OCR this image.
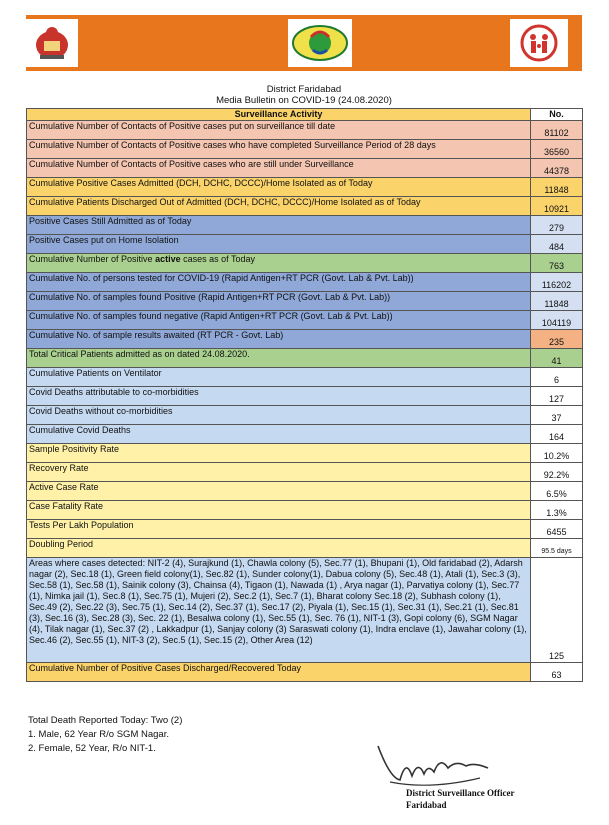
District Faridabad
Media Bulletin on COVID-19 (24.08.2020)
Surveillance Activity	No.
Cumulative Number of Contacts of Positive cases put on surveillance till date	81102
Cumulative Number of Contacts of Positive cases who have completed Surveillance Period of 28 days	36560
Cumulative Number of Contacts of Positive cases who are still under Surveillance	44378
Cumulative Positive Cases Admitted (DCH, DCHC, DCCC)/Home Isolated as of Today	11848
Cumulative Patients Discharged Out of Admitted (DCH, DCHC, DCCC)/Home Isolated as of Today	10921
Positive Cases Still Admitted as of Today	279
Positive Cases put on Home Isolation	484
Cumulative Number of Positive active cases as of Today	763
Cumulative No. of persons tested for COVID-19 (Rapid Antigen+RT PCR (Govt. Lab & Pvt. Lab))	116202
Cumulative No. of samples found Positive (Rapid Antigen+RT PCR (Govt. Lab & Pvt. Lab))	11848
Cumulative No. of samples found negative (Rapid Antigen+RT PCR (Govt. Lab & Pvt. Lab))	104119
Cumulative No. of sample results awaited (RT PCR - Govt. Lab)	235
Total Critical Patients admitted as on dated 24.08.2020.	41
Cumulative Patients on Ventilator	6
Covid Deaths attributable to co-morbidities	127
Covid Deaths without co-morbidities	37
Cumulative Covid Deaths	164
Sample Positivity Rate	10.2%
Recovery Rate	92.2%
Active Case Rate	6.5%
Case Fatality Rate	1.3%
Tests Per Lakh Population	6455
Doubling Period	95.5 days
Areas where cases detected: NIT-2 (4), Surajkund (1), Chawla colony (5), Sec.77 (1), Bhupani (1), Old faridabad (2), Adarsh nagar (2), Sec.18 (1), Green field colony(1), Sec.82 (1), Sunder colony(1), Dabua colony (5), Sec.48 (1), Atali (1), Sec.3 (3), Sec.58 (1), Sec.58 (1), Sainik colony (3), Chainsa (4), Tigaon (1), Nawada (1) , Arya nagar (1), Parvatiya colony (1), Sec.77 (1), Nimka jail (1), Sec.8 (1), Sec.75 (1), Mujeri (2), Sec.2 (1), Sec.7 (1), Bharat colony Sec.18 (2), Subhash colony (1), Sec.49 (2), Sec.22 (3), Sec.75 (1), Sec.14 (2), Sec.37 (1), Sec.17 (2), Piyala (1), Sec.15 (1), Sec.31 (1), Sec.21 (1), Sec.81 (3), Sec.16 (3), Sec.28 (3), Sec. 22 (1), Besalwa colony (1), Sec.55 (1), Sec. 76 (1), NIT-1 (3), Gopi colony (6), SGM Nagar (4), Tilak nagar (1), Sec.37 (2) , Lakkadpur (1), Sanjay colony (3) Saraswati colony (1), Indra enclave (1), Jawahar colony (1), Sec.46 (2), Sec.55 (1), NIT-3 (2), Sec.5 (1), Sec.15 (2), Other Area (12)	125
Cumulative Number of Positive Cases Discharged/Recovered Today	63
Total Death Reported Today: Two (2)
1. Male, 62 Year R/o SGM Nagar.
2. Female, 52 Year, R/o NIT-1.
District Surveillance Officer
Faridabad
